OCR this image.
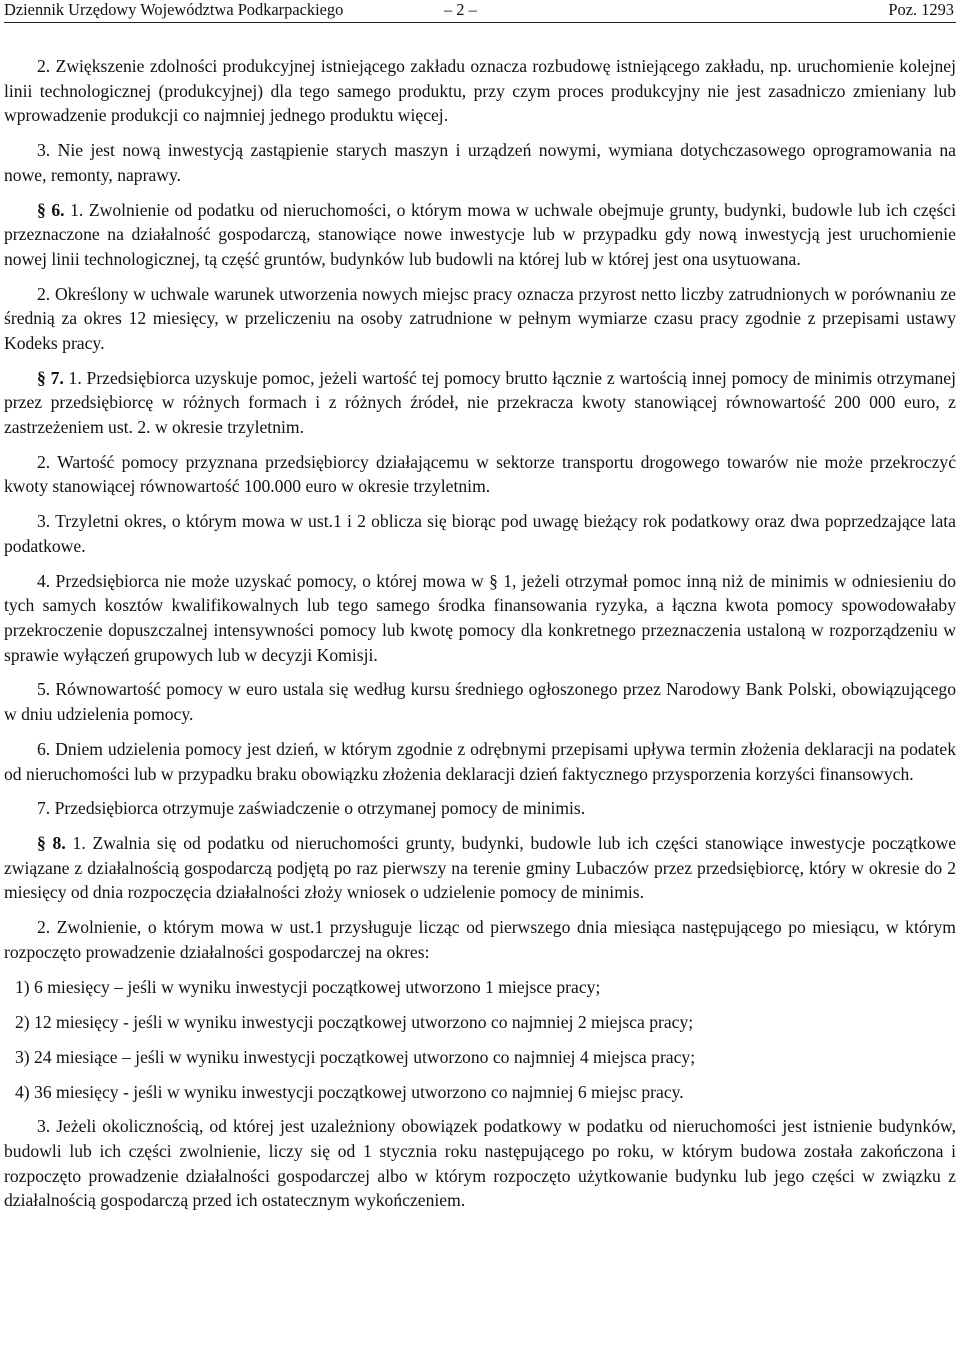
Dziennik Urzędowy Województwa Podkarpackiego	– 2 –	Poz. 1293

2. Zwiększenie zdolności produkcyjnej istniejącego zakładu oznacza rozbudowę istniejącego zakładu, np. uruchomienie kolejnej linii technologicznej (produkcyjnej) dla tego samego produktu, przy czym proces produkcyjny nie jest zasadniczo zmieniany lub wprowadzenie produkcji co najmniej jednego produktu więcej.

3. Nie jest nową inwestycją zastąpienie starych maszyn i urządzeń nowymi, wymiana dotychczasowego oprogramowania na nowe, remonty, naprawy.

§ 6. 1. Zwolnienie od podatku od nieruchomości, o którym mowa w uchwale obejmuje grunty, budynki, budowle lub ich części przeznaczone na działalność gospodarczą, stanowiące nowe inwestycje lub w przypadku gdy nową inwestycją jest uruchomienie nowej linii technologicznej, tą część gruntów, budynków lub budowli na której lub w której jest ona usytuowana.

2. Określony w uchwale warunek utworzenia nowych miejsc pracy oznacza przyrost netto liczby zatrudnionych w porównaniu ze średnią za okres 12 miesięcy, w przeliczeniu na osoby zatrudnione w pełnym wymiarze czasu pracy zgodnie z przepisami ustawy Kodeks pracy.

§ 7. 1. Przedsiębiorca uzyskuje pomoc, jeżeli wartość tej pomocy brutto łącznie z wartością innej pomocy de minimis otrzymanej przez przedsiębiorcę w różnych formach i z różnych źródeł, nie przekracza kwoty stanowiącej równowartość 200 000 euro, z zastrzeżeniem ust. 2. w okresie trzyletnim.

2. Wartość pomocy przyznana przedsiębiorcy działającemu w sektorze transportu drogowego towarów nie może przekroczyć kwoty stanowiącej równowartość 100.000 euro w okresie trzyletnim.

3. Trzyletni okres, o którym mowa w ust.1 i 2 oblicza się biorąc pod uwagę bieżący rok podatkowy oraz dwa poprzedzające lata podatkowe.

4. Przedsiębiorca nie może uzyskać pomocy, o której mowa w § 1, jeżeli otrzymał pomoc inną niż de minimis w odniesieniu do tych samych kosztów kwalifikowalnych lub tego samego środka finansowania ryzyka, a łączna kwota pomocy spowodowałaby przekroczenie dopuszczalnej intensywności pomocy lub kwotę pomocy dla konkretnego przeznaczenia ustaloną w rozporządzeniu w sprawie wyłączeń grupowych lub w decyzji Komisji.

5. Równowartość pomocy w euro ustala się według kursu średniego ogłoszonego przez Narodowy Bank Polski, obowiązującego w dniu udzielenia pomocy.

6. Dniem udzielenia pomocy jest dzień, w którym zgodnie z odrębnymi przepisami upływa termin złożenia deklaracji na podatek od nieruchomości lub w przypadku braku obowiązku złożenia deklaracji dzień faktycznego przysporzenia korzyści finansowych.

7. Przedsiębiorca otrzymuje zaświadczenie o otrzymanej pomocy de minimis.

§ 8. 1. Zwalnia się od podatku od nieruchomości grunty, budynki, budowle lub ich części stanowiące inwestycje początkowe związane z działalnością gospodarczą podjętą po raz pierwszy na terenie gminy Lubaczów przez przedsiębiorcę, który w okresie do 2 miesięcy od dnia rozpoczęcia działalności złoży wniosek o udzielenie pomocy de minimis.

2. Zwolnienie, o którym mowa w ust.1 przysługuje licząc od pierwszego dnia miesiąca następującego po miesiącu, w którym rozpoczęto prowadzenie działalności gospodarczej na okres:

1) 6 miesięcy – jeśli w wyniku inwestycji początkowej utworzono 1 miejsce pracy;

2) 12 miesięcy - jeśli w wyniku inwestycji początkowej utworzono co najmniej 2 miejsca pracy;

3) 24 miesiące – jeśli w wyniku inwestycji początkowej utworzono co najmniej 4 miejsca pracy;

4) 36 miesięcy - jeśli w wyniku inwestycji początkowej utworzono co najmniej 6 miejsc pracy.

3. Jeżeli okolicznością, od której jest uzależniony obowiązek podatkowy w podatku od nieruchomości jest istnienie budynków, budowli lub ich części zwolnienie, liczy się od 1 stycznia roku następującego po roku, w którym budowa została zakończona i rozpoczęto prowadzenie działalności gospodarczej albo w którym rozpoczęto użytkowanie budynku lub jego części w związku z działalnością gospodarczą przed ich ostatecznym wykończeniem.
